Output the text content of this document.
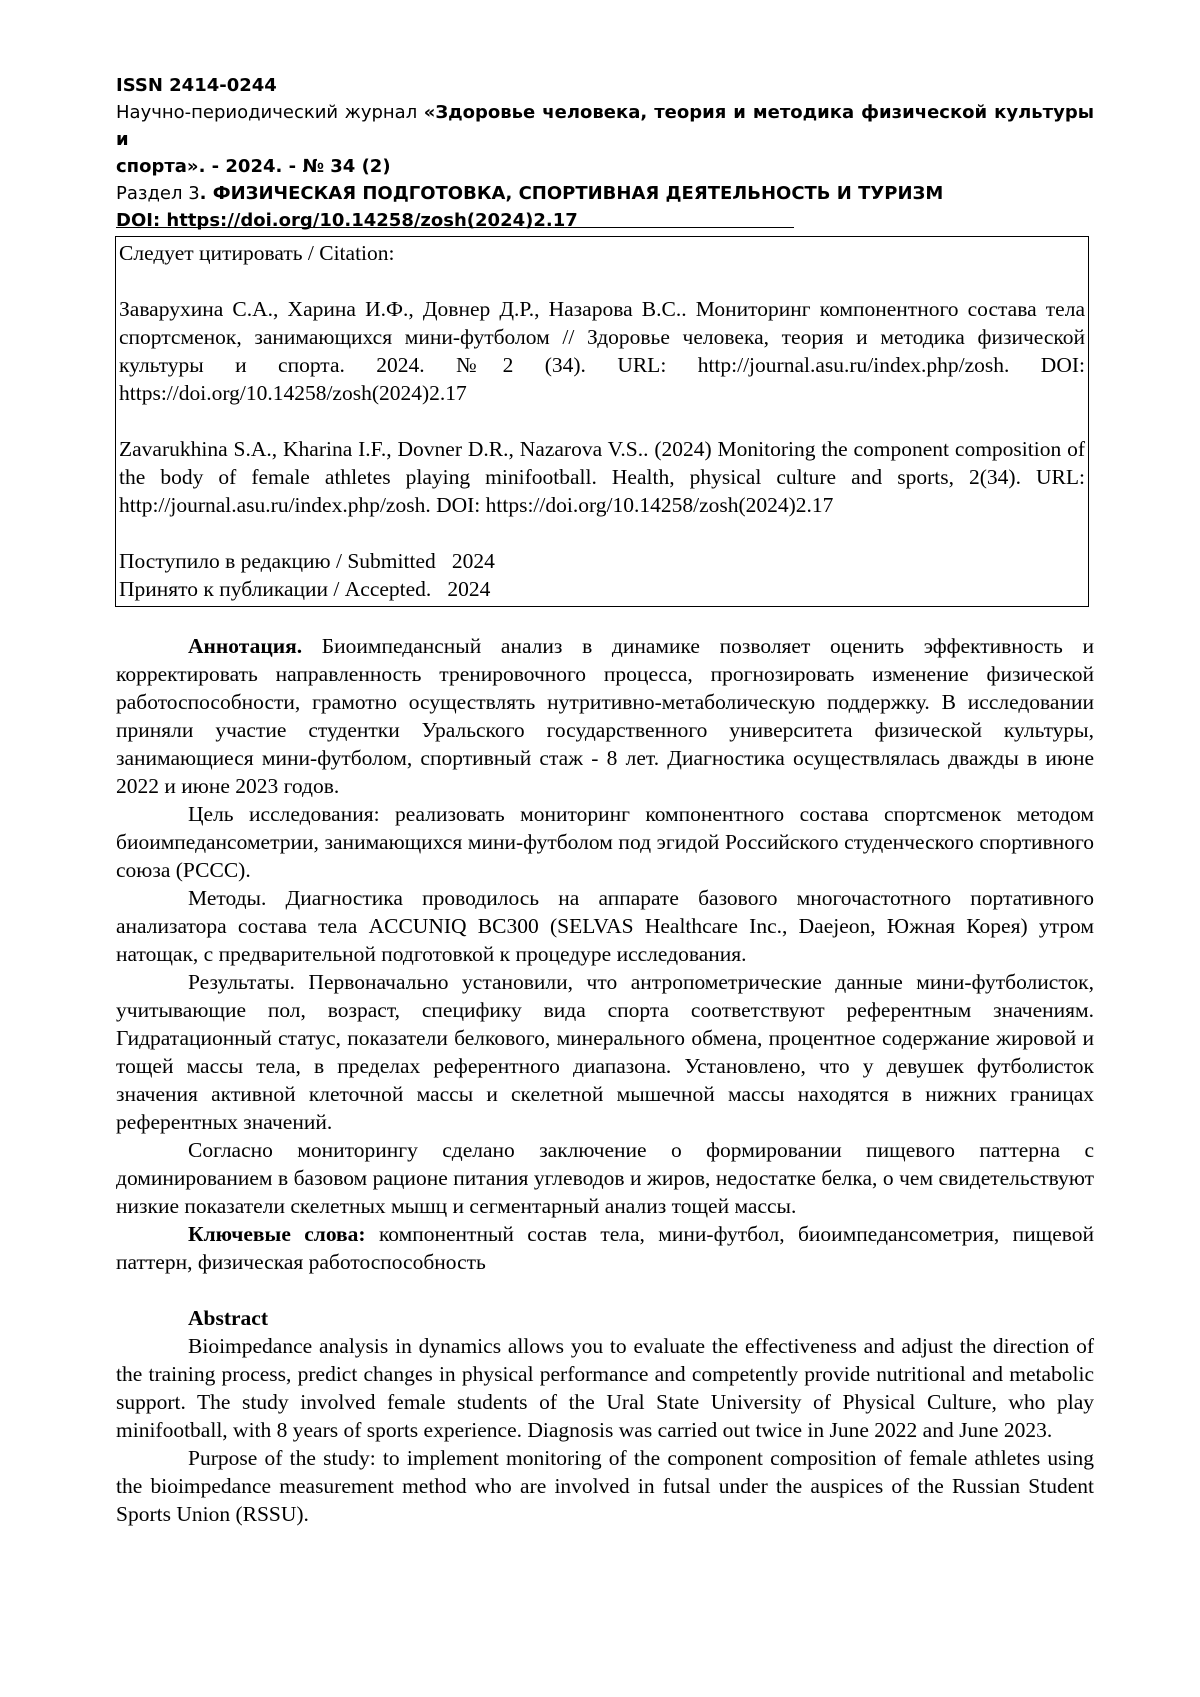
ISSN 2414-0244
Научно-периодический журнал «Здоровье человека, теория и методика физической культуры и
спорта». - 2024. - № 34 (2)
Раздел 3. ФИЗИЧЕСКАЯ ПОДГОТОВКА, СПОРТИВНАЯ ДЕЯТЕЛЬНОСТЬ И ТУРИЗМ
DOI: https://doi.org/10.14258/zosh(2024)2.17

Следует цитировать / Citation:

Заварухина С.А., Харина И.Ф., Довнер Д.Р., Назарова В.С.. Мониторинг компонентного состава тела спортсменок, занимающихся мини-футболом // Здоровье человека, теория и методика физической культуры и спорта. 2024. №2 (34). URL: http://journal.asu.ru/index.php/zosh. DOI: https://doi.org/10.14258/zosh(2024)2.17

Zavarukhina S.A., Kharina I.F., Dovner D.R., Nazarova V.S.. (2024) Monitoring the component composition of the body of female athletes playing minifootball. Health, physical culture and sports, 2(34). URL: http://journal.asu.ru/index.php/zosh. DOI: https://doi.org/10.14258/zosh(2024)2.17

Поступило в редакцию / Submitted   2024

Принято к публикации / Accepted.   2024

Аннотация. Биоимпедансный анализ в динамике позволяет оценить эффективность и корректировать направленность тренировочного процесса, прогнозировать изменение физической работоспособности, грамотно осуществлять нутритивно-метаболическую поддержку. В исследовании приняли участие студентки Уральского государственного университета физической культуры, занимающиеся мини-футболом, спортивный стаж - 8 лет. Диагностика осуществлялась дважды в июне 2022 и июне 2023 годов.

Цель исследования: реализовать мониторинг компонентного состава спортсменок методом биоимпедансометрии, занимающихся мини-футболом под эгидой Российского студенческого спортивного союза (РССС).

Методы. Диагностика проводилось на аппарате базового многочастотного портативного анализатора состава тела ACCUNIQ BC300 (SELVAS Healthcare Inc., Daejeon, Южная Корея) утром натощак, с предварительной подготовкой к процедуре исследования.

Результаты. Первоначально установили, что антропометрические данные мини-футболисток, учитывающие пол, возраст, специфику вида спорта соответствуют референтным значениям. Гидратационный статус, показатели белкового, минерального обмена, процентное содержание жировой и тощей массы тела, в пределах референтного диапазона. Установлено, что у девушек футболисток значения активной клеточной массы и скелетной мышечной массы находятся в нижних границах референтных значений.

Согласно мониторингу сделано заключение о формировании пищевого паттерна с доминированием в базовом рационе питания углеводов и жиров, недостатке белка, о чем свидетельствуют низкие показатели скелетных мышц и сегментарный анализ тощей массы.

Ключевые слова: компонентный состав тела, мини-футбол, биоимпедансометрия, пищевой паттерн, физическая работоспособность

Abstract

Bioimpedance analysis in dynamics allows you to evaluate the effectiveness and adjust the direction of the training process, predict changes in physical performance and competently provide nutritional and metabolic support. The study involved female students of the Ural State University of Physical Culture, who play minifootball, with 8 years of sports experience. Diagnosis was carried out twice in June 2022 and June 2023.

Purpose of the study: to implement monitoring of the component composition of female athletes using the bioimpedance measurement method who are involved in futsal under the auspices of the Russian Student Sports Union (RSSU).
